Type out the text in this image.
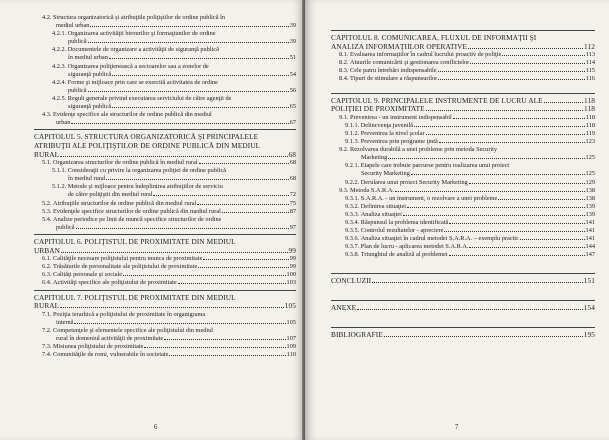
4.2.
Structura organizatorică şi atribuţiile poliţiştilor de ordine publică în
mediul urban	39
4.2.1.
Organizarea activităţii birourilor şi formaţiunilor de ordine
publică	39
4.2.2.
Documentele de organizare a activităţii de siguranţă publică
în mediul urban	51
4.2.3.
Organizarea poliţienească a sectoarelor sau a zonelor de
siguranţă publică	54
4.2.4.
Forme şi mijloace prin care se exercită activitatea de ordine
publică	56
4.2.5.
Reguli generale privind executarea serviciului de către agenţii de
siguranţă publică	65
4.3.
Evidenţe specifice ale structurilor de ordine publică din mediul
urban	67
CAPITOLUL 5. STRUCTURA ORGANIZATORICĂ ŞI PRINCIPALELE
ATRIBUŢII ALE POLIŢIŞTILOR DE ORDINE PUBLICĂ DIN MEDIUL
RURAL	68
5.1.
Organizarea structurilor de ordine publică în mediul rural	68
5.1.1.
Consideraţii cu privire la organizarea poliţiei de ordine publică
în mediul rural	68
5.1.2.
Metode şi mijloace pentru îndeplinirea atribuţiilor de serviciu
de către poliţiştii din mediul rural	72
5.2.
Atribuţiile structurilor de ordine publică din mediul rural	75
5.3.
Evidenţele specifice structurilor de ordine publică din mediul rural	87
5.4.
Analize periodice pe linii de muncă specifice structurilor de ordine
publică	97
CAPITOLUL 6. POLIŢISTUL DE PROXIMITATE DIN MEDIUL
URBAN	99
6.1.
Calităţile necesare poliţistului pentru munca de proximitate	99
6.2.
Trăsăturile de personalitate ale poliţistului de proximitate	99
6.3.
Calităţi personale şi sociale	100
6.4.
Activităţi specifice ale poliţistului de proximitate	103
CAPITOLUL 7. POLIŢISTUL DE PROXIMITATE DIN MEDIUL
RURAL	105
7.1.
Poziţia ierarhică a poliţistului de proximitate în organigrama
internă	105
7.2.
Competenţele şi elementele specifice ale poliţistului din mediul
rural în domeniul activităţii de proximitate	107
7.3.
Misiunea poliţistului de proximitate	109
7.4.
Comunităţile de romi, vulnerabile în societate	110
6
CAPITOLUL 8. COMUNICAREA, FLUXUL DE INFORMAŢII ŞI
ANALIZA INFORMAŢIILOR OPERATIVE	112
8.1.
Evaluarea informaţiilor în cadrul lucrului proactiv de poliţie	113
8.2.
Atuurile comunicării şi gestionarea conflictelor	114
8.3.
Cele patru întrebări indispensabile	115
8.4.
Tipuri de stimulare a răspunsurilor	116
CAPITOLUL 9. PRINCIPALELE INSTRUMENTE DE LUCRU ALE	118
POLIŢIEI DE PROXIMITATE	118
9.1.
Prevenirea - un instrument indispensabil	118
9.1.1.
Delincvenţa juvenilă	118
9.1.2.
Prevenirea la nivel şcolar	119
9.1.3.
Prevenirea prin programe ţintă	123
9.2.
Rezolvarea durabilă a unei probleme prin metoda Security
Marketing	125
9.2.1.
Etapele care trebuie parcurse pentru realizarea unui proiect
Security Marketing	125
9.2.2.
Derularea unui proiect Security Marketing	129
9.3.
Metoda S.A.R.A.	138
9.3.1.
S.A.R.A. - un instrument, o rezolvare a unei probleme	138
9.3.2.
Definirea situaţiei	139
9.3.3.
Analiza situaţiei	139
9.3.4.
Răspunsul la problema identificată	141
9.3.5.
Controlul rezultatelor - apreciere	141
9.3.6.
Analiza situaţiei în cadrul metodei S.A.R.A. – exemplu practic	141
9.3.7.
Plan de lucru - aplicarea metodei S.A.R.A.	144
9.3.8.
Triunghiul de analiză al problemei	147
CONCLUZII	151
ANEXE	154
BIBLIOGRAFIE	195
7
